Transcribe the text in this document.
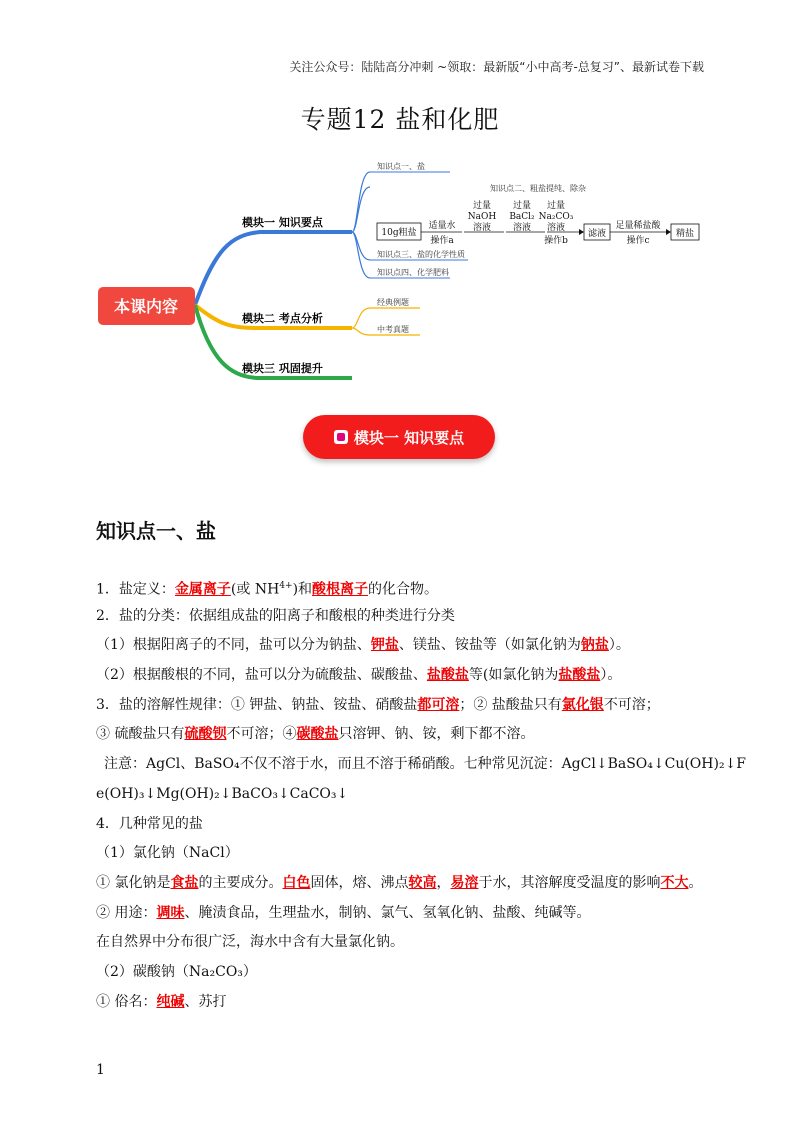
关注公众号：陆陆高分冲刺 ~领取：最新版“小中高考-总复习”、最新试卷下载
专题12 盐和化肥
本课内容
模块一 知识要点
模块二 考点分析
模块三 巩固提升
知识点一、盐
知识点二、粗盐提纯、除杂
知识点三、盐的化学性质
知识点四、化学肥料
经典例题
中考真题
10g粗盐
适量水
操作a
过量
NaOH
溶液
过量
BaCl₂
溶液
过量
Na₂CO₃
溶液
操作b
滤液
足量稀盐酸
操作c
精盐
模块一 知识要点
知识点一、盐
1．盐定义：金属离子(或 $NH^{4+}$)和酸根离子的化合物。
2．盐的分类：依据组成盐的阳离子和酸根的种类进行分类
（1）根据阳离子的不同，盐可以分为钠盐、钾盐、镁盐、铵盐等（如氯化钠为钠盐）。
（2）根据酸根的不同，盐可以分为硫酸盐、碳酸盐、盐酸盐等(如氯化钠为盐酸盐）。
3．盐的溶解性规律：① 钾盐、钠盐、铵盐、硝酸盐都可溶；② 盐酸盐只有氯化银不可溶；
③ 硫酸盐只有硫酸钡不可溶；④碳酸盐只溶钾、钠、铵，剩下都不溶。
注意：AgCl、BaSO₄不仅不溶于水，而且不溶于稀硝酸。七种常见沉淀：AgCl↓BaSO₄↓Cu(OH)₂↓F
e(OH)₃↓Mg(OH)₂↓BaCO₃↓CaCO₃↓
4．几种常见的盐
（1）氯化钠（NaCl）
① 氯化钠是食盐的主要成分。白色固体，熔、沸点较高，易溶于水，其溶解度受温度的影响不大。
② 用途：调味、腌渍食品，生理盐水，制钠、氯气、氢氧化钠、盐酸、纯碱等。
在自然界中分布很广泛，海水中含有大量氯化钠。
（2）碳酸钠（Na₂CO₃）
① 俗名：纯碱、苏打
1
